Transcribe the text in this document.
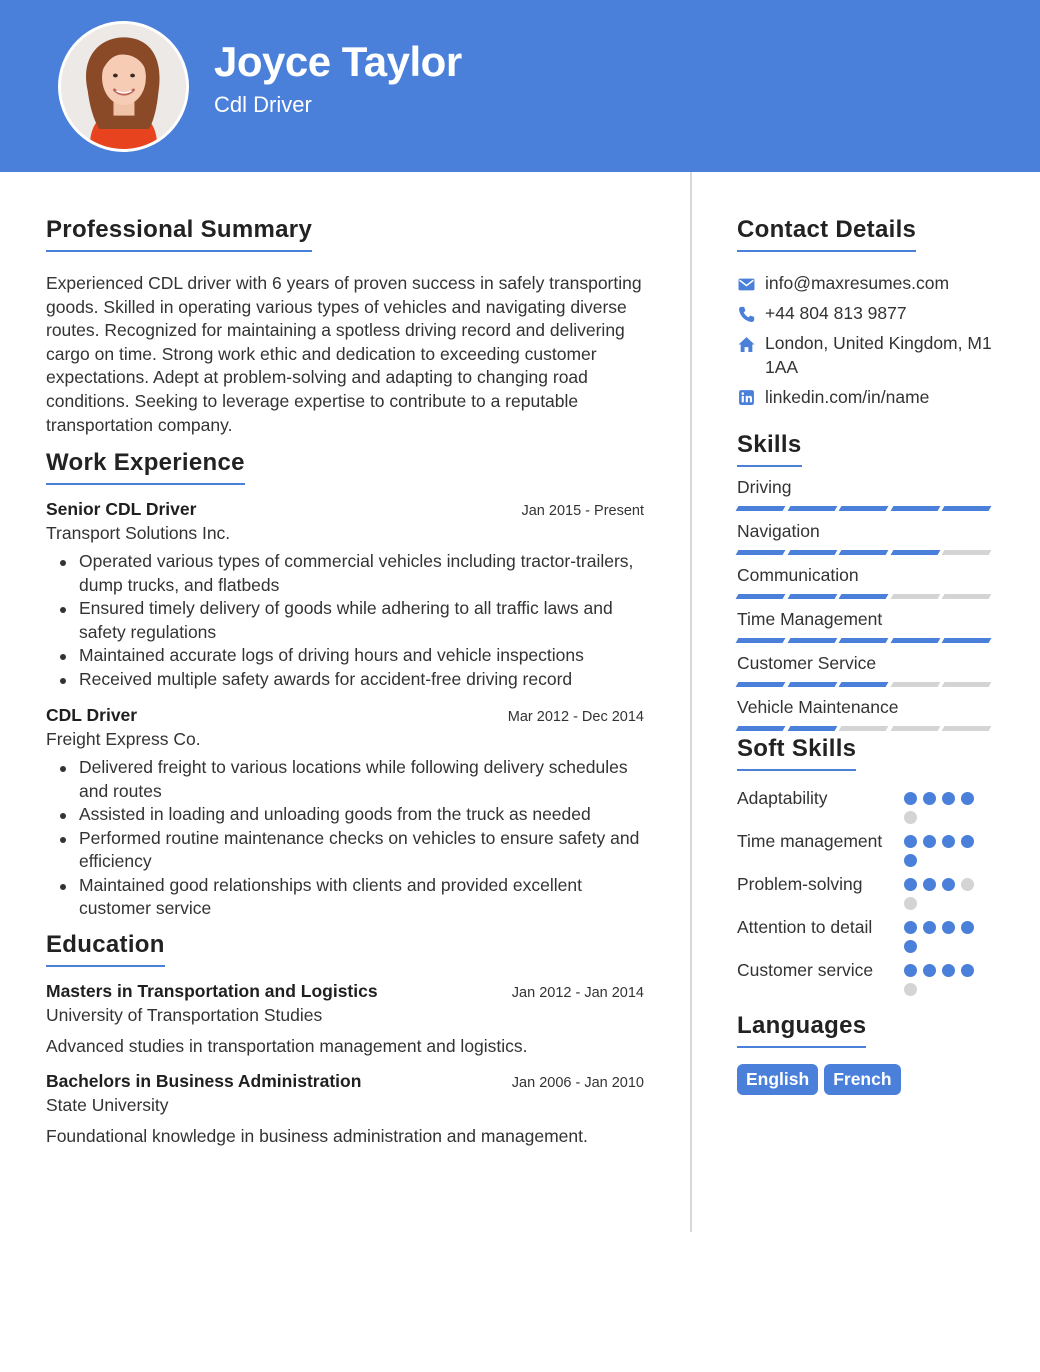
Joyce Taylor
Cdl Driver
Professional Summary
Experienced CDL driver with 6 years of proven success in safely transporting goods. Skilled in operating various types of vehicles and navigating diverse routes. Recognized for maintaining a spotless driving record and delivering cargo on time. Strong work ethic and dedication to exceeding customer expectations. Adept at problem-solving and adapting to changing road conditions. Seeking to leverage expertise to contribute to a reputable transportation company.
Work Experience
Senior CDL Driver	Jan 2015 - Present
Transport Solutions Inc.
Operated various types of commercial vehicles including tractor-trailers, dump trucks, and flatbeds
Ensured timely delivery of goods while adhering to all traffic laws and safety regulations
Maintained accurate logs of driving hours and vehicle inspections
Received multiple safety awards for accident-free driving record
CDL Driver	Mar 2012 - Dec 2014
Freight Express Co.
Delivered freight to various locations while following delivery schedules and routes
Assisted in loading and unloading goods from the truck as needed
Performed routine maintenance checks on vehicles to ensure safety and efficiency
Maintained good relationships with clients and provided excellent customer service
Education
Masters in Transportation and Logistics	Jan 2012 - Jan 2014
University of Transportation Studies
Advanced studies in transportation management and logistics.
Bachelors in Business Administration	Jan 2006 - Jan 2010
State University
Foundational knowledge in business administration and management.
Contact Details
info@maxresumes.com
+44 804 813 9877
London, United Kingdom, M1 1AA
linkedin.com/in/name
Skills
Driving
Navigation
Communication
Time Management
Customer Service
Vehicle Maintenance
Soft Skills
Adaptability
Time management
Problem-solving
Attention to detail
Customer service
Languages
English	French
